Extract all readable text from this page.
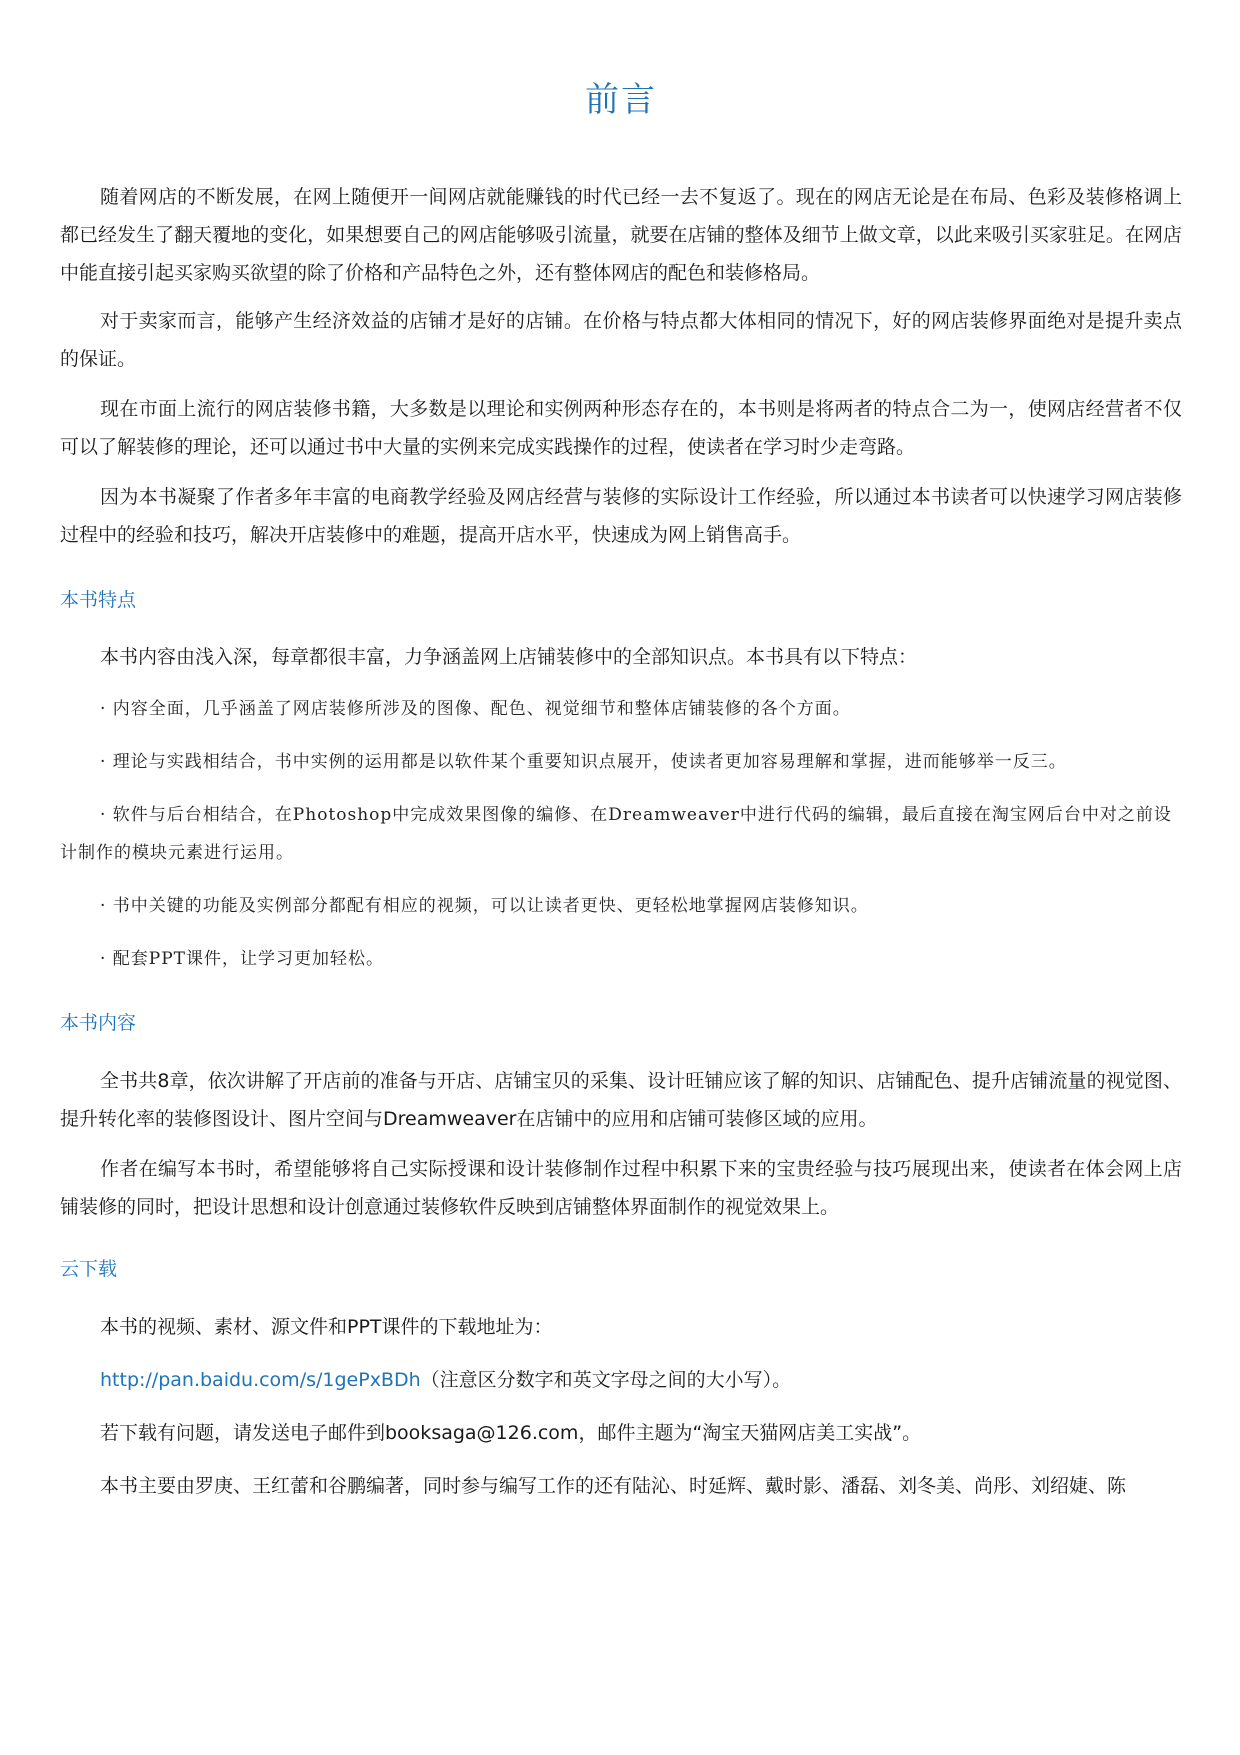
前言

随着网店的不断发展，在网上随便开一间网店就能赚钱的时代已经一去不复返了。现在的网店无论是在布局、色彩及装修格调上都已经发生了翻天覆地的变化，如果想要自己的网店能够吸引流量，就要在店铺的整体及细节上做文章，以此来吸引买家驻足。在网店中能直接引起买家购买欲望的除了价格和产品特色之外，还有整体网店的配色和装修格局。

对于卖家而言，能够产生经济效益的店铺才是好的店铺。在价格与特点都大体相同的情况下，好的网店装修界面绝对是提升卖点的保证。

现在市面上流行的网店装修书籍，大多数是以理论和实例两种形态存在的，本书则是将两者的特点合二为一，使网店经营者不仅可以了解装修的理论，还可以通过书中大量的实例来完成实践操作的过程，使读者在学习时少走弯路。

因为本书凝聚了作者多年丰富的电商教学经验及网店经营与装修的实际设计工作经验，所以通过本书读者可以快速学习网店装修过程中的经验和技巧，解决开店装修中的难题，提高开店水平，快速成为网上销售高手。

本书特点

本书内容由浅入深，每章都很丰富，力争涵盖网上店铺装修中的全部知识点。本书具有以下特点：

· 内容全面，几乎涵盖了网店装修所涉及的图像、配色、视觉细节和整体店铺装修的各个方面。

· 理论与实践相结合，书中实例的运用都是以软件某个重要知识点展开，使读者更加容易理解和掌握，进而能够举一反三。

· 软件与后台相结合，在Photoshop中完成效果图像的编修、在Dreamweaver中进行代码的编辑，最后直接在淘宝网后台中对之前设计制作的模块元素进行运用。

· 书中关键的功能及实例部分都配有相应的视频，可以让读者更快、更轻松地掌握网店装修知识。

· 配套PPT课件，让学习更加轻松。

本书内容

全书共8章，依次讲解了开店前的准备与开店、店铺宝贝的采集、设计旺铺应该了解的知识、店铺配色、提升店铺流量的视觉图、提升转化率的装修图设计、图片空间与Dreamweaver在店铺中的应用和店铺可装修区域的应用。

作者在编写本书时，希望能够将自己实际授课和设计装修制作过程中积累下来的宝贵经验与技巧展现出来，使读者在体会网上店铺装修的同时，把设计思想和设计创意通过装修软件反映到店铺整体界面制作的视觉效果上。

云下载

本书的视频、素材、源文件和PPT课件的下载地址为：

http://pan.baidu.com/s/1gePxBDh（注意区分数字和英文字母之间的大小写）。

若下载有问题，请发送电子邮件到booksaga@126.com，邮件主题为“淘宝天猫网店美工实战”。

本书主要由罗庚、王红蕾和谷鹏编著，同时参与编写工作的还有陆沁、时延辉、戴时影、潘磊、刘冬美、尚彤、刘绍婕、陈
